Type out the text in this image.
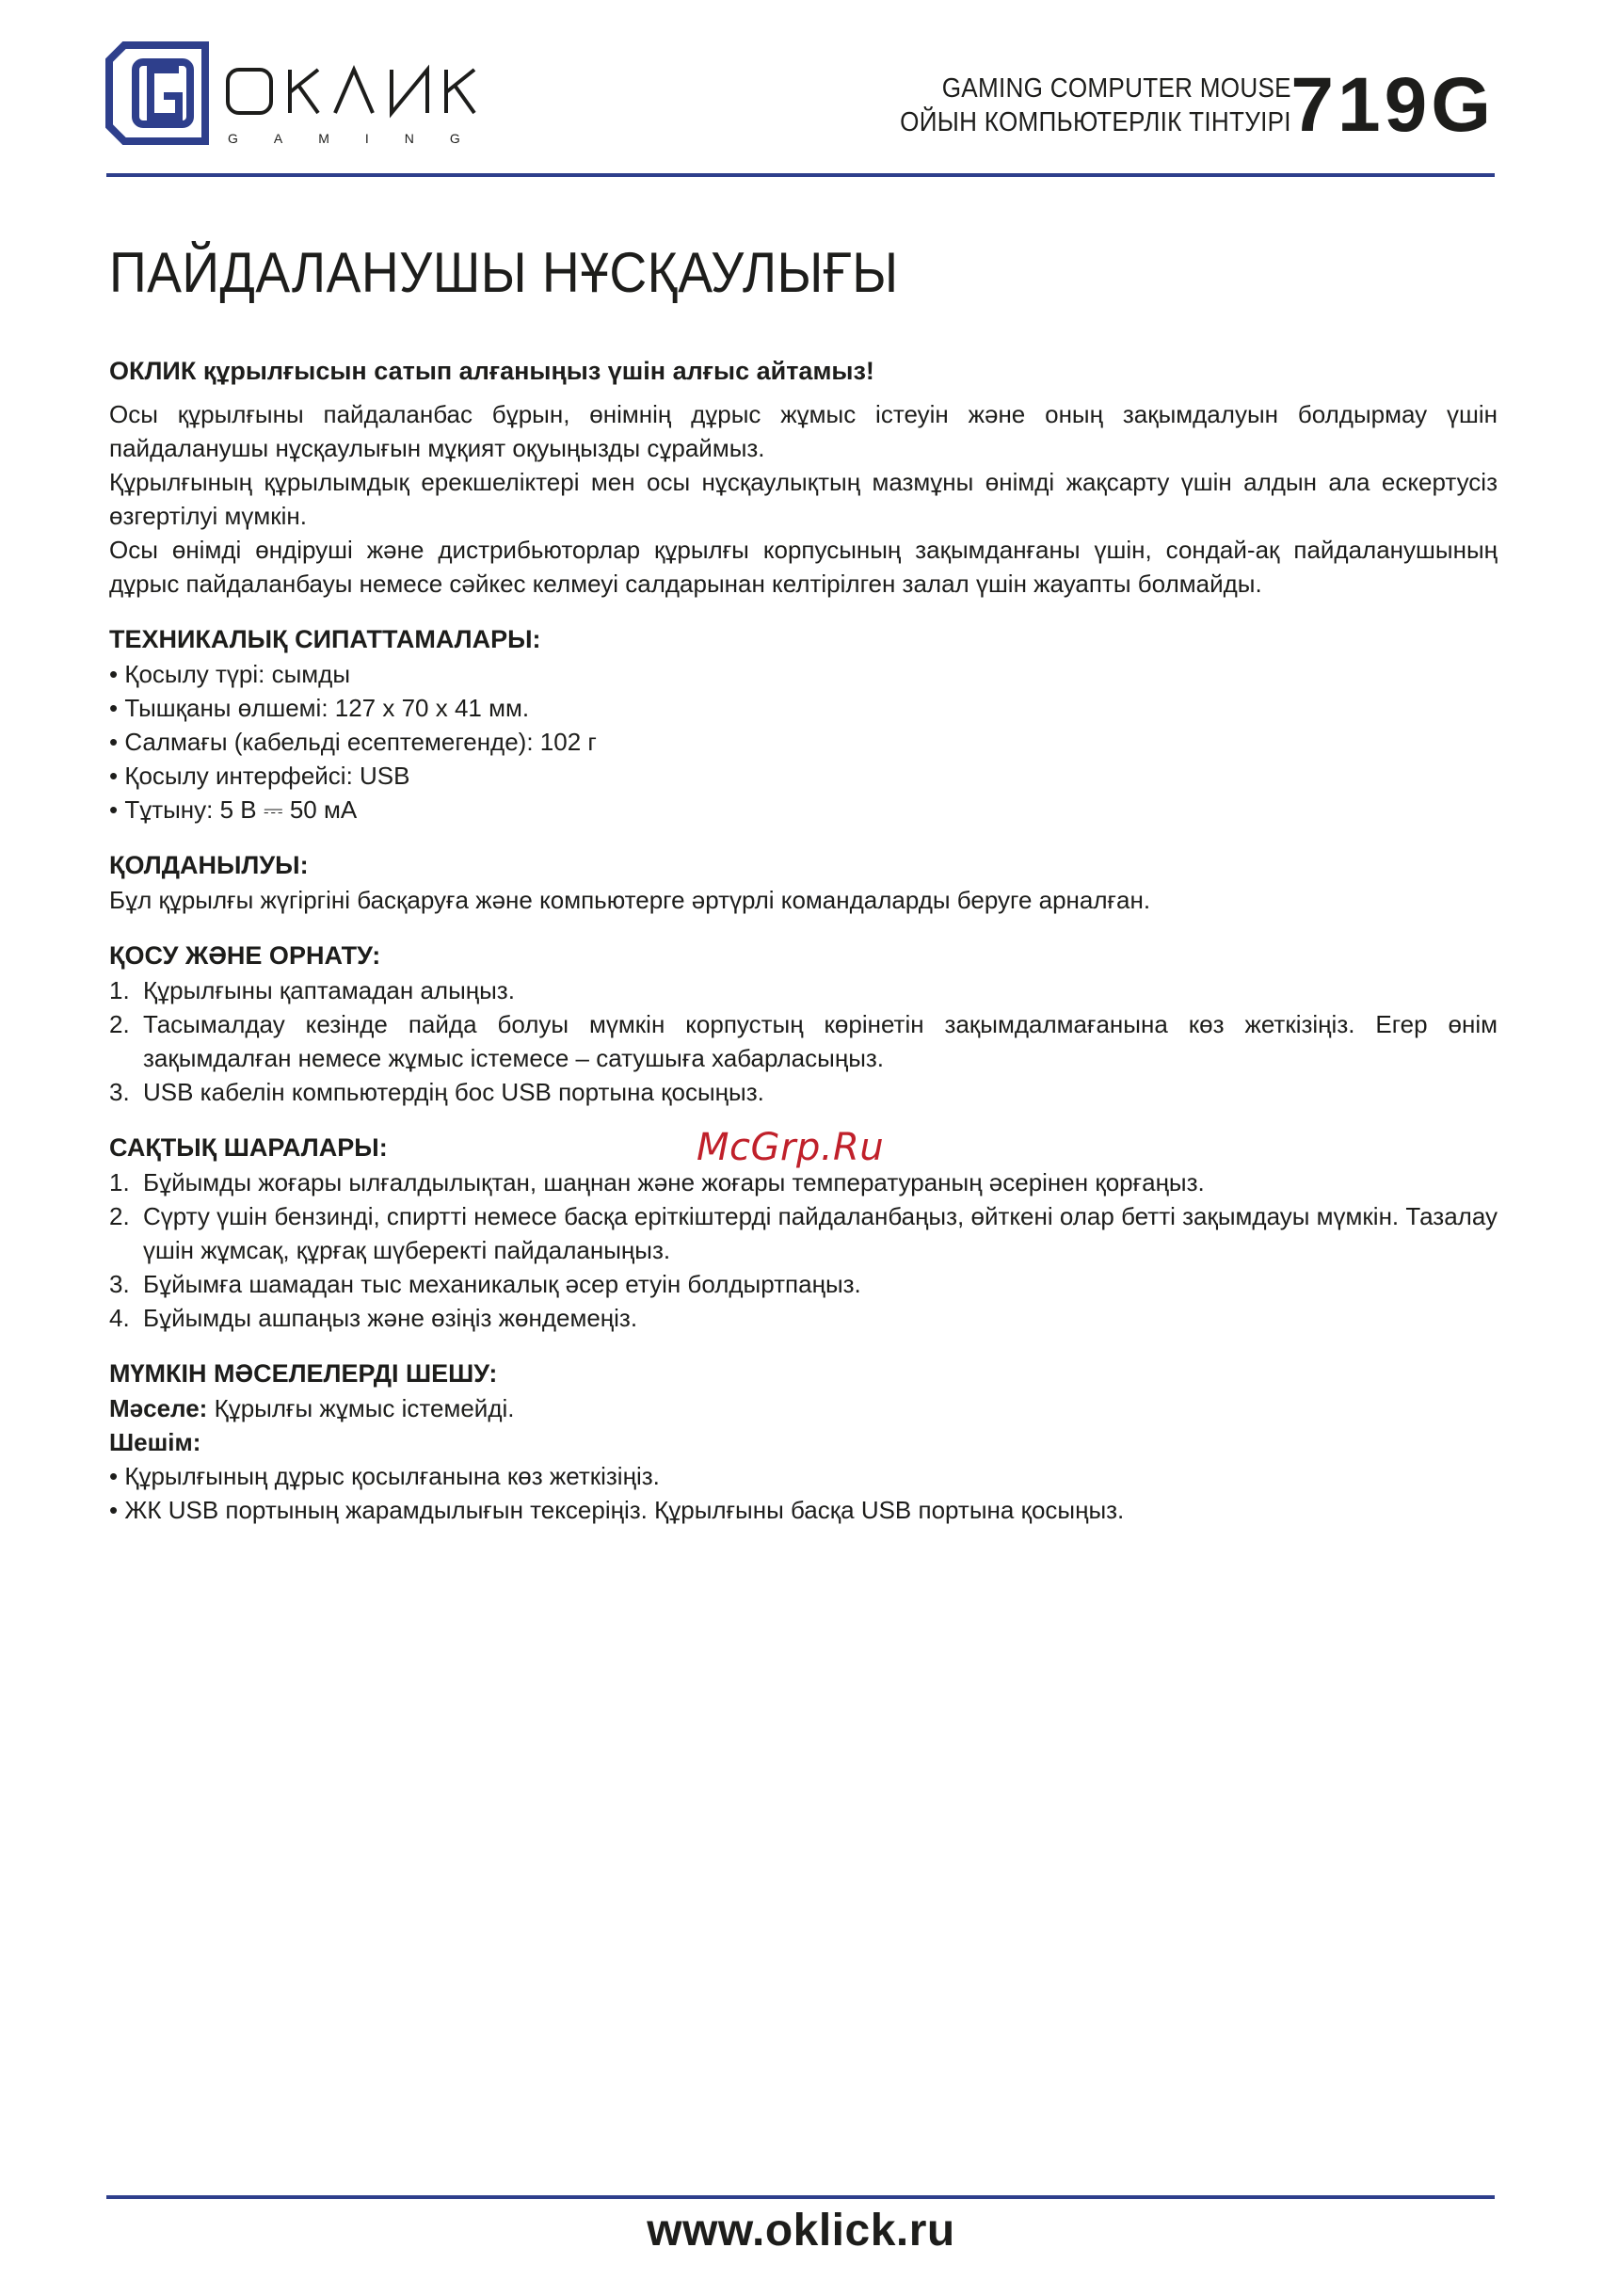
GAMING
GAMING COMPUTER MOUSE
ОЙЫН КОМПЬЮТЕРЛІК ТІНТУІРІ 719G
ПАЙДАЛАНУШЫ НҰСҚАУЛЫҒЫ
ОКЛИК құрылғысын сатып алғаныңыз үшін алғыс айтамыз!

Осы құрылғыны пайдаланбас бұрын, өнімнің дұрыс жұмыс істеуін және оның зақымдалуын болдырмау үшін пайдаланушы нұсқаулығын мұқият оқуыңызды сұраймыз.

Құрылғының құрылымдық ерекшеліктері мен осы нұсқаулықтың мазмұны өнімді жақсарту үшін алдын ала ескертусіз өзгертілуі мүмкін.

Осы өнімді өндіруші және дистрибьюторлар құрылғы корпусының зақымданғаны үшін, сондай-ақ пайдаланушының дұрыс пайдаланбауы немесе сәйкес келмеуі салдарынан келтірілген залал үшін жауапты болмайды.

ТЕХНИКАЛЫҚ СИПАТТАМАЛАРЫ:
• Қосылу түрі: сымды
• Тышқаны өлшемі: 127 x 70 x 41 мм.
• Салмағы (кабельді есептемегенде): 102 г
• Қосылу интерфейсі: USB
• Тұтыну: 5 В ⎓ 50 мА
ҚОЛДАНЫЛУЫ:
Бұл құрылғы жүгіргіні басқаруға және компьютерге әртүрлі командаларды беруге арналған.
ҚОСУ ЖӘНЕ ОРНАТУ:
1. Құрылғыны қаптамадан алыңыз.
2. Тасымалдау кезінде пайда болуы мүмкін корпустың көрінетін зақымдалмағанына көз жеткізіңіз. Егер өнім зақымдалған немесе жұмыс істемесе – сатушыға хабарласыңыз.
3. USB кабелін компьютердің бос USB портына қосыңыз.
САҚТЫҚ ШАРАЛАРЫ:
1. Бұйымды жоғары ылғалдылықтан, шаңнан және жоғары температураның әсерінен қорғаңыз.
2. Сүрту үшін бензинді, спиртті немесе басқа еріткіштерді пайдаланбаңыз, өйткені олар бетті зақымдауы мүмкін. Тазалау үшін жұмсақ, құрғақ шүберекті пайдаланыңыз.
3. Бұйымға шамадан тыс механикалық әсер етуін болдыртпаңыз.
4. Бұйымды ашпаңыз және өзіңіз жөндемеңіз.
МҮМКІН МӘСЕЛЕЛЕРДІ ШЕШУ:
Мәселе: Құрылғы жұмыс істемейді.
Шешім:
• Құрылғының дұрыс қосылғанына көз жеткізіңіз.
• ЖК USB портының жарамдылығын тексеріңіз. Құрылғыны басқа USB портына қосыңыз.
McGrp.Ru
www.oklick.ru
